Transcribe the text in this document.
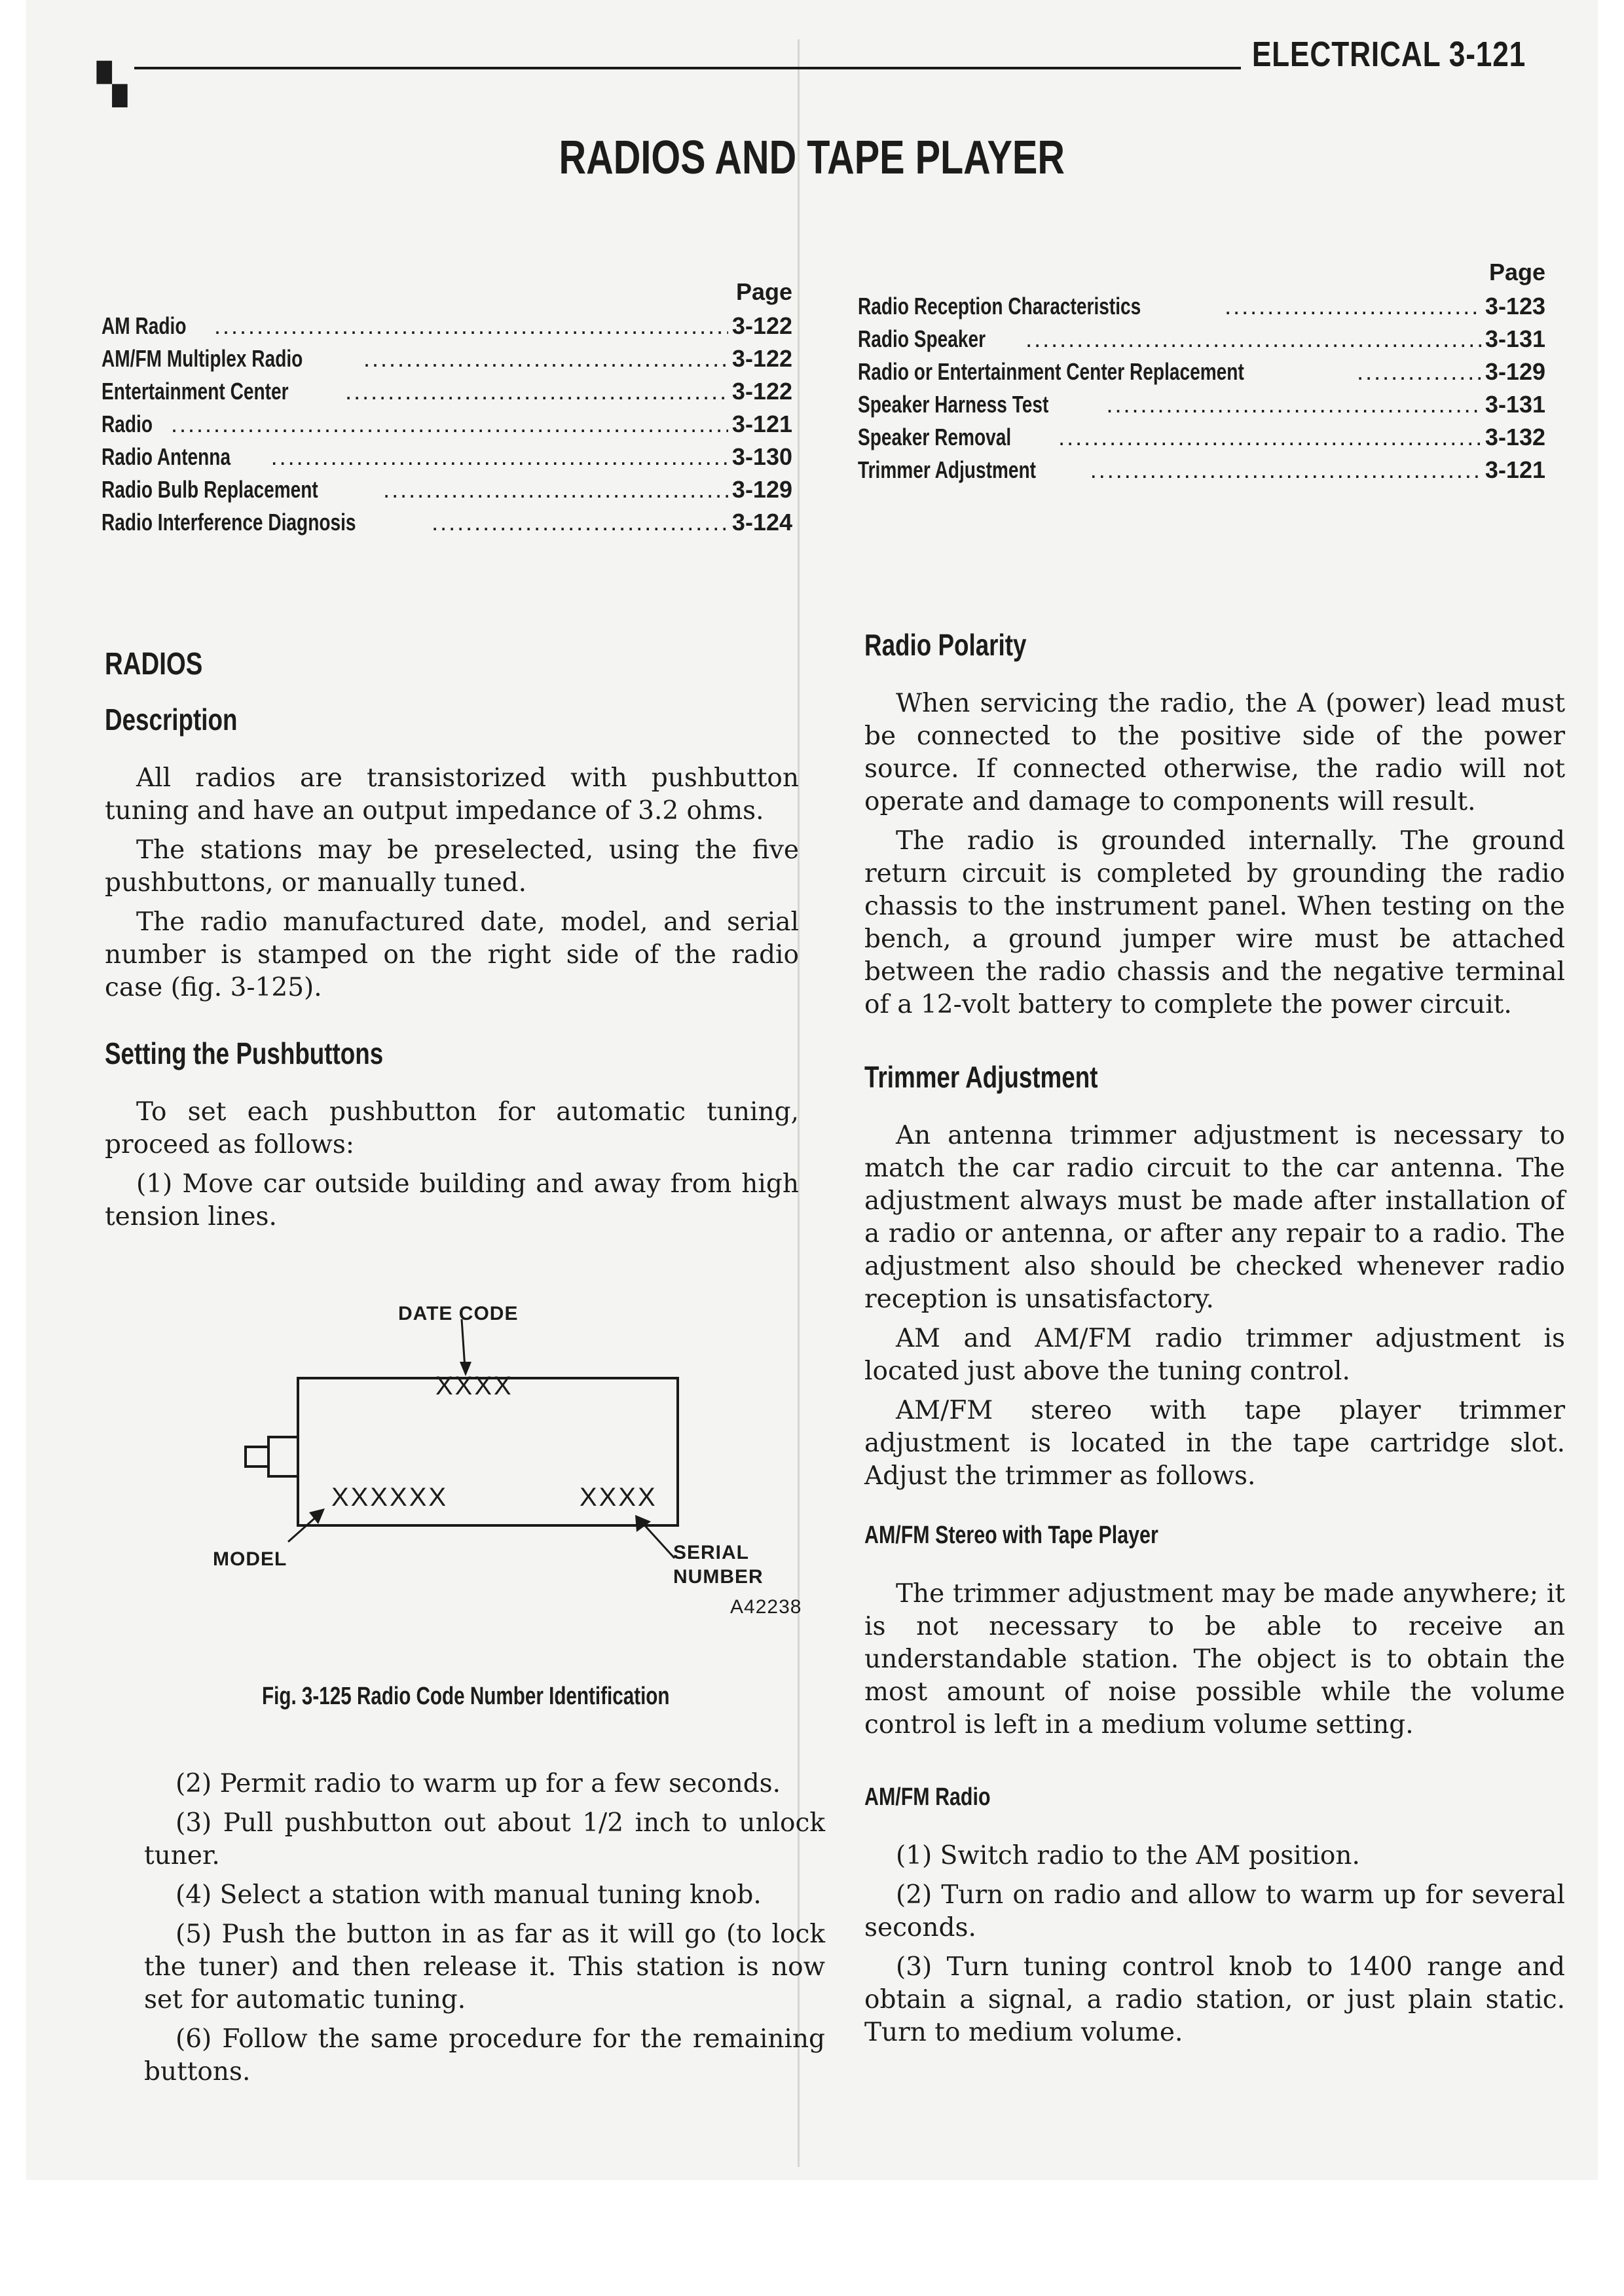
▚
ELECTRICAL 3-121
RADIOS AND TAPE PLAYER
Page
AM Radio .....	3-122
AM/FM Multiplex Radio .....	3-122
Entertainment Center .....	3-122
Radio .....	3-121
Radio Antenna .....	3-130
Radio Bulb Replacement .....	3-129
Radio Interference Diagnosis .....	3-124
Page
Radio Reception Characteristics .....	3-123
Radio Speaker .....	3-131
Radio or Entertainment Center Replacement .....	3-129
Speaker Harness Test .....	3-131
Speaker Removal .....	3-132
Trimmer Adjustment .....	3-121
RADIOS
Description

All radios are transistorized with pushbutton tuning and have an output impedance of 3.2 ohms.

The stations may be preselected, using the five pushbuttons, or manually tuned.

The radio manufactured date, model, and serial number is stamped on the right side of the radio case (fig. 3-125).

Setting the Pushbuttons

To set each pushbutton for automatic tuning, proceed as follows:

(1) Move car outside building and away from high tension lines.

DATE CODE
XXXX
XXXXXX	XXXX
MODEL	SERIAL
NUMBER
A42238
Fig. 3-125 Radio Code Number Identification

(2) Permit radio to warm up for a few seconds.

(3) Pull pushbutton out about 1/2 inch to unlock tuner.

(4) Select a station with manual tuning knob.

(5) Push the button in as far as it will go (to lock the tuner) and then release it. This station is now set for automatic tuning.

(6) Follow the same procedure for the remaining buttons.

Radio Polarity

When servicing the radio, the A (power) lead must be connected to the positive side of the power source. If connected otherwise, the radio will not operate and damage to components will result.

The radio is grounded internally. The ground return circuit is completed by grounding the radio chassis to the instrument panel. When testing on the bench, a ground jumper wire must be attached between the radio chassis and the negative terminal of a 12-volt battery to complete the power circuit.

Trimmer Adjustment

An antenna trimmer adjustment is necessary to match the car radio circuit to the car antenna. The adjustment always must be made after installation of a radio or antenna, or after any repair to a radio. The adjustment also should be checked whenever radio reception is unsatisfactory.

AM and AM/FM radio trimmer adjustment is located just above the tuning control.

AM/FM stereo with tape player trimmer adjustment is located in the tape cartridge slot. Adjust the trimmer as follows.

AM/FM Stereo with Tape Player

The trimmer adjustment may be made anywhere; it is not necessary to be able to receive an understandable station. The object is to obtain the most amount of noise possible while the volume control is left in a medium volume setting.

AM/FM Radio

(1) Switch radio to the AM position.

(2) Turn on radio and allow to warm up for several seconds.

(3) Turn tuning control knob to 1400 range and obtain a signal, a radio station, or just plain static. Turn to medium volume.
